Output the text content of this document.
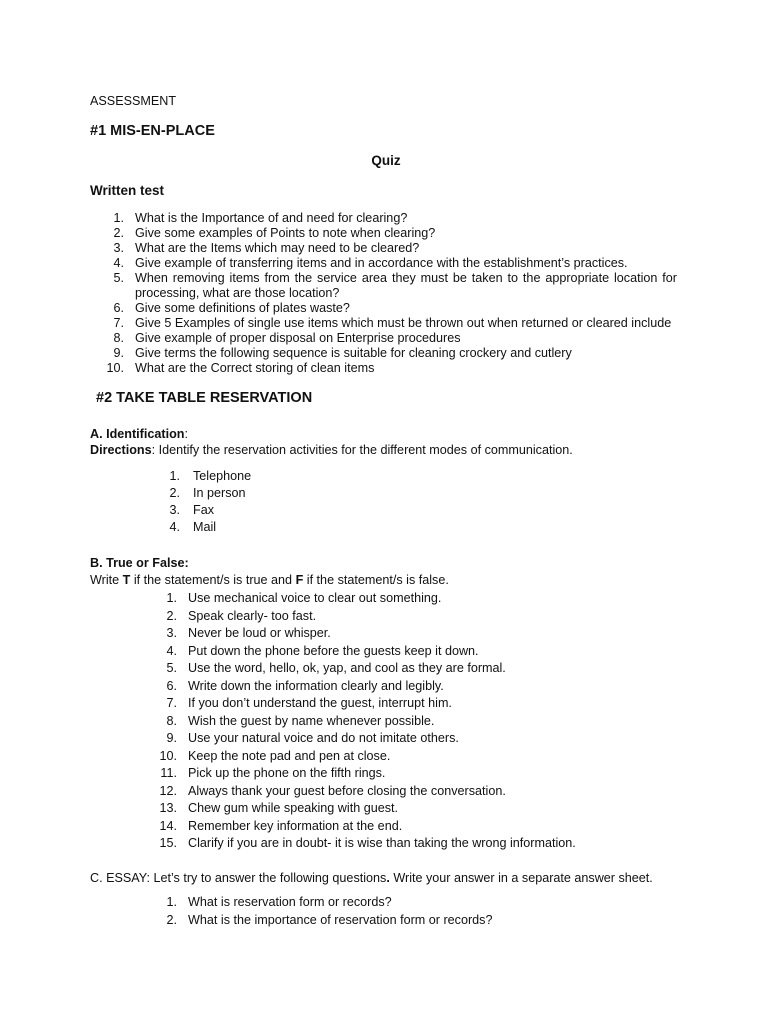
ASSESSMENT
#1 MIS-EN-PLACE
Quiz
Written test
1. What is the Importance of and need for clearing?
2. Give some examples of Points to note when clearing?
3. What are the Items which may need to be cleared?
4. Give example of transferring items and in accordance with the establishment’s practices.
5. When removing items from the service area they must be taken to the appropriate location for
processing, what are those location?
6. Give some definitions of plates waste?
7. Give 5 Examples of single use items which must be thrown out when returned or cleared include
8. Give example of proper disposal on Enterprise procedures
9. Give terms the following sequence is suitable for cleaning crockery and cutlery
10. What are the Correct storing of clean items
#2 TAKE TABLE RESERVATION
A. Identification:
Directions: Identify the reservation activities for the different modes of communication.
1. Telephone
2. In person
3. Fax
4. Mail
B. True or False:
Write T if the statement/s is true and F if the statement/s is false.
1. Use mechanical voice to clear out something.
2. Speak clearly- too fast.
3. Never be loud or whisper.
4. Put down the phone before the guests keep it down.
5. Use the word, hello, ok, yap, and cool as they are formal.
6. Write down the information clearly and legibly.
7. If you don’t understand the guest, interrupt him.
8. Wish the guest by name whenever possible.
9. Use your natural voice and do not imitate others.
10. Keep the note pad and pen at close.
11. Pick up the phone on the fifth rings.
12. Always thank your guest before closing the conversation.
13. Chew gum while speaking with guest.
14. Remember key information at the end.
15. Clarify if you are in doubt- it is wise than taking the wrong information.
C. ESSAY: Let’s try to answer the following questions. Write your answer in a separate answer sheet.
1. What is reservation form or records?
2. What is the importance of reservation form or records?
